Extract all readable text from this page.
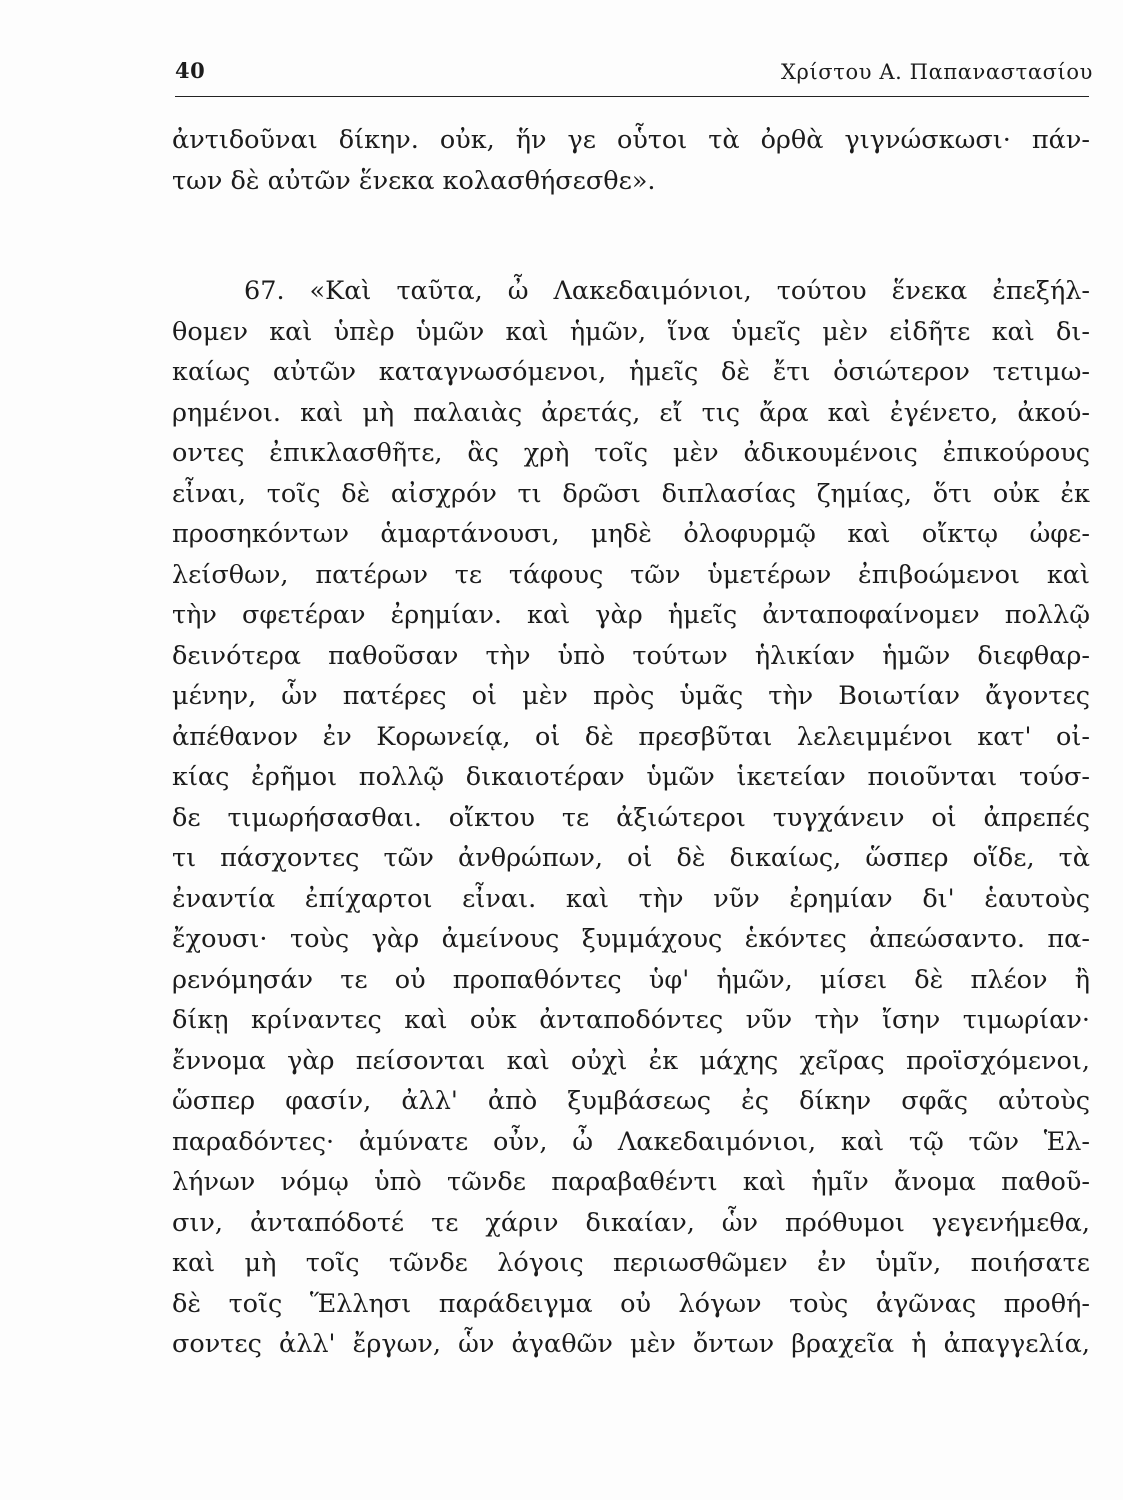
40	Χρίστου Α. Παπαναστασίου
ἀντιδοῦναι δίκην. οὐκ, ἥν γε οὗτοι τὰ ὀρθὰ γιγνώσκωσι· πάν-
των δὲ αὐτῶν ἕνεκα κολασθήσεσθε».
67. «Καὶ ταῦτα, ὦ Λακεδαιμόνιοι, τούτου ἕνεκα ἐπεξήλ-
θομεν καὶ ὑπὲρ ὑμῶν καὶ ἡμῶν, ἵνα ὑμεῖς μὲν εἰδῆτε καὶ δι-
καίως αὐτῶν καταγνωσόμενοι, ἡμεῖς δὲ ἔτι ὁσιώτερον τετιμω-
ρημένοι. καὶ μὴ παλαιὰς ἀρετάς, εἴ τις ἄρα καὶ ἐγένετο, ἀκού-
οντες ἐπικλασθῆτε, ἃς χρὴ τοῖς μὲν ἀδικουμένοις ἐπικούρους
εἶναι, τοῖς δὲ αἰσχρόν τι δρῶσι διπλασίας ζημίας, ὅτι οὐκ ἐκ
προσηκόντων ἁμαρτάνουσι, μηδὲ ὀλοφυρμῷ καὶ οἴκτῳ ὠφε-
λείσθων, πατέρων τε τάφους τῶν ὑμετέρων ἐπιβοώμενοι καὶ
τὴν σφετέραν ἐρημίαν. καὶ γὰρ ἡμεῖς ἀνταποφαίνομεν πολλῷ
δεινότερα παθοῦσαν τὴν ὑπὸ τούτων ἡλικίαν ἡμῶν διεφθαρ-
μένην, ὧν πατέρες οἱ μὲν πρὸς ὑμᾶς τὴν Βοιωτίαν ἄγοντες
ἀπέθανον ἐν Κορωνείᾳ, οἱ δὲ πρεσβῦται λελειμμένοι κατ' οἰ-
κίας ἐρῆμοι πολλῷ δικαιοτέραν ὑμῶν ἱκετείαν ποιοῦνται τούσ-
δε τιμωρήσασθαι. οἴκτου τε ἀξιώτεροι τυγχάνειν οἱ ἀπρεπές
τι πάσχοντες τῶν ἀνθρώπων, οἱ δὲ δικαίως, ὥσπερ οἵδε, τὰ
ἐναντία ἐπίχαρτοι εἶναι. καὶ τὴν νῦν ἐρημίαν δι' ἑαυτοὺς
ἔχουσι· τοὺς γὰρ ἀμείνους ξυμμάχους ἑκόντες ἀπεώσαντο. πα-
ρενόμησάν τε οὐ προπαθόντες ὑφ' ἡμῶν, μίσει δὲ πλέον ἢ
δίκῃ κρίναντες καὶ οὐκ ἀνταποδόντες νῦν τὴν ἴσην τιμωρίαν·
ἔννομα γὰρ πείσονται καὶ οὐχὶ ἐκ μάχης χεῖρας προϊσχόμενοι,
ὥσπερ φασίν, ἀλλ' ἀπὸ ξυμβάσεως ἐς δίκην σφᾶς αὐτοὺς
παραδόντες· ἀμύνατε οὖν, ὦ Λακεδαιμόνιοι, καὶ τῷ τῶν Ἑλ-
λήνων νόμῳ ὑπὸ τῶνδε παραβαθέντι καὶ ἡμῖν ἄνομα παθοῦ-
σιν, ἀνταπόδοτέ τε χάριν δικαίαν, ὧν πρόθυμοι γεγενήμεθα,
καὶ μὴ τοῖς τῶνδε λόγοις περιωσθῶμεν ἐν ὑμῖν, ποιήσατε
δὲ τοῖς Ἕλλησι παράδειγμα οὐ λόγων τοὺς ἀγῶνας προθή-
σοντες ἀλλ' ἔργων, ὧν ἀγαθῶν μὲν ὄντων βραχεῖα ἡ ἀπαγγελία,
